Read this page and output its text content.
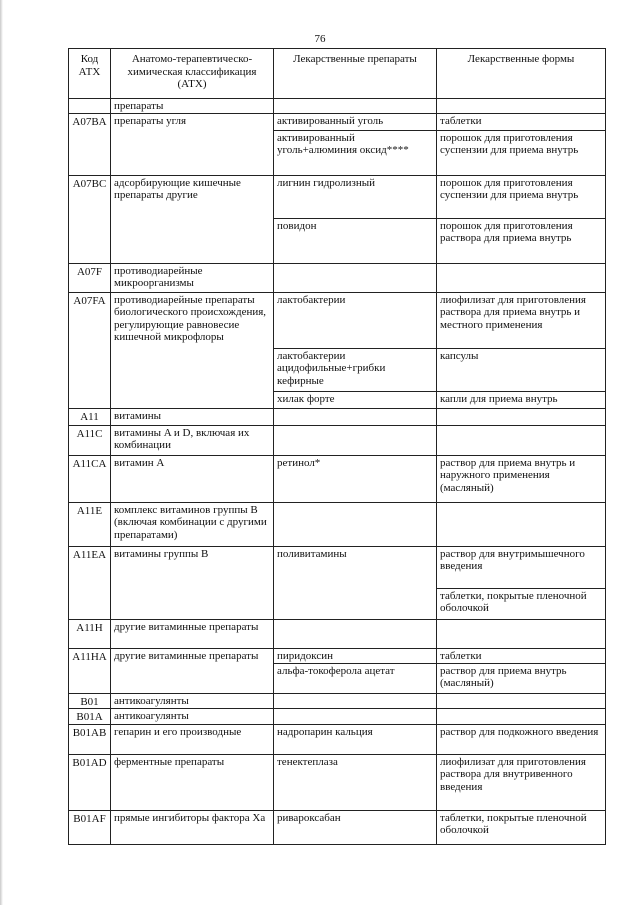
76
Код АТХ	Анатомо-терапевтическо-химическая классификация (АТХ)	Лекарственные препараты	Лекарственные формы
	препараты		
A07BA	препараты угля	активированный уголь	таблетки
		активированный уголь+алюминия оксид****	порошок для приготовления суспензии для приема внутрь
A07BC	адсорбирующие кишечные препараты другие	лигнин гидролизный	порошок для приготовления суспензии для приема внутрь
		повидон	порошок для приготовления раствора для приема внутрь
A07F	противодиарейные микроорганизмы		
A07FA	противодиарейные препараты биологического происхождения, регулирующие равновесие кишечной микрофлоры	лактобактерии	лиофилизат для приготовления раствора для приема внутрь и местного применения
		лактобактерии ацидофильные+грибки кефирные	капсулы
		хилак форте	капли для приема внутрь
A11	витамины		
A11C	витамины A и D, включая их комбинации		
A11CA	витамин A	ретинол*	раствор для приема внутрь и наружного применения (масляный)
A11E	комплекс витаминов группы B (включая комбинации с другими препаратами)		
A11EA	витамины группы B	поливитамины	раствор для внутримышечного введения
			таблетки, покрытые пленочной оболочкой
A11H	другие витаминные препараты		
A11HA	другие витаминные препараты	пиридоксин	таблетки
		альфа-токоферола ацетат	раствор для приема внутрь (масляный)
B01	антикоагулянты		
B01A	антикоагулянты		
B01AB	гепарин и его производные	надропарин кальция	раствор для подкожного введения
B01AD	ферментные препараты	тенектеплаза	лиофилизат для приготовления раствора для внутривенного введения
B01AF	прямые ингибиторы фактора Xa	ривароксабан	таблетки, покрытые пленочной оболочкой
